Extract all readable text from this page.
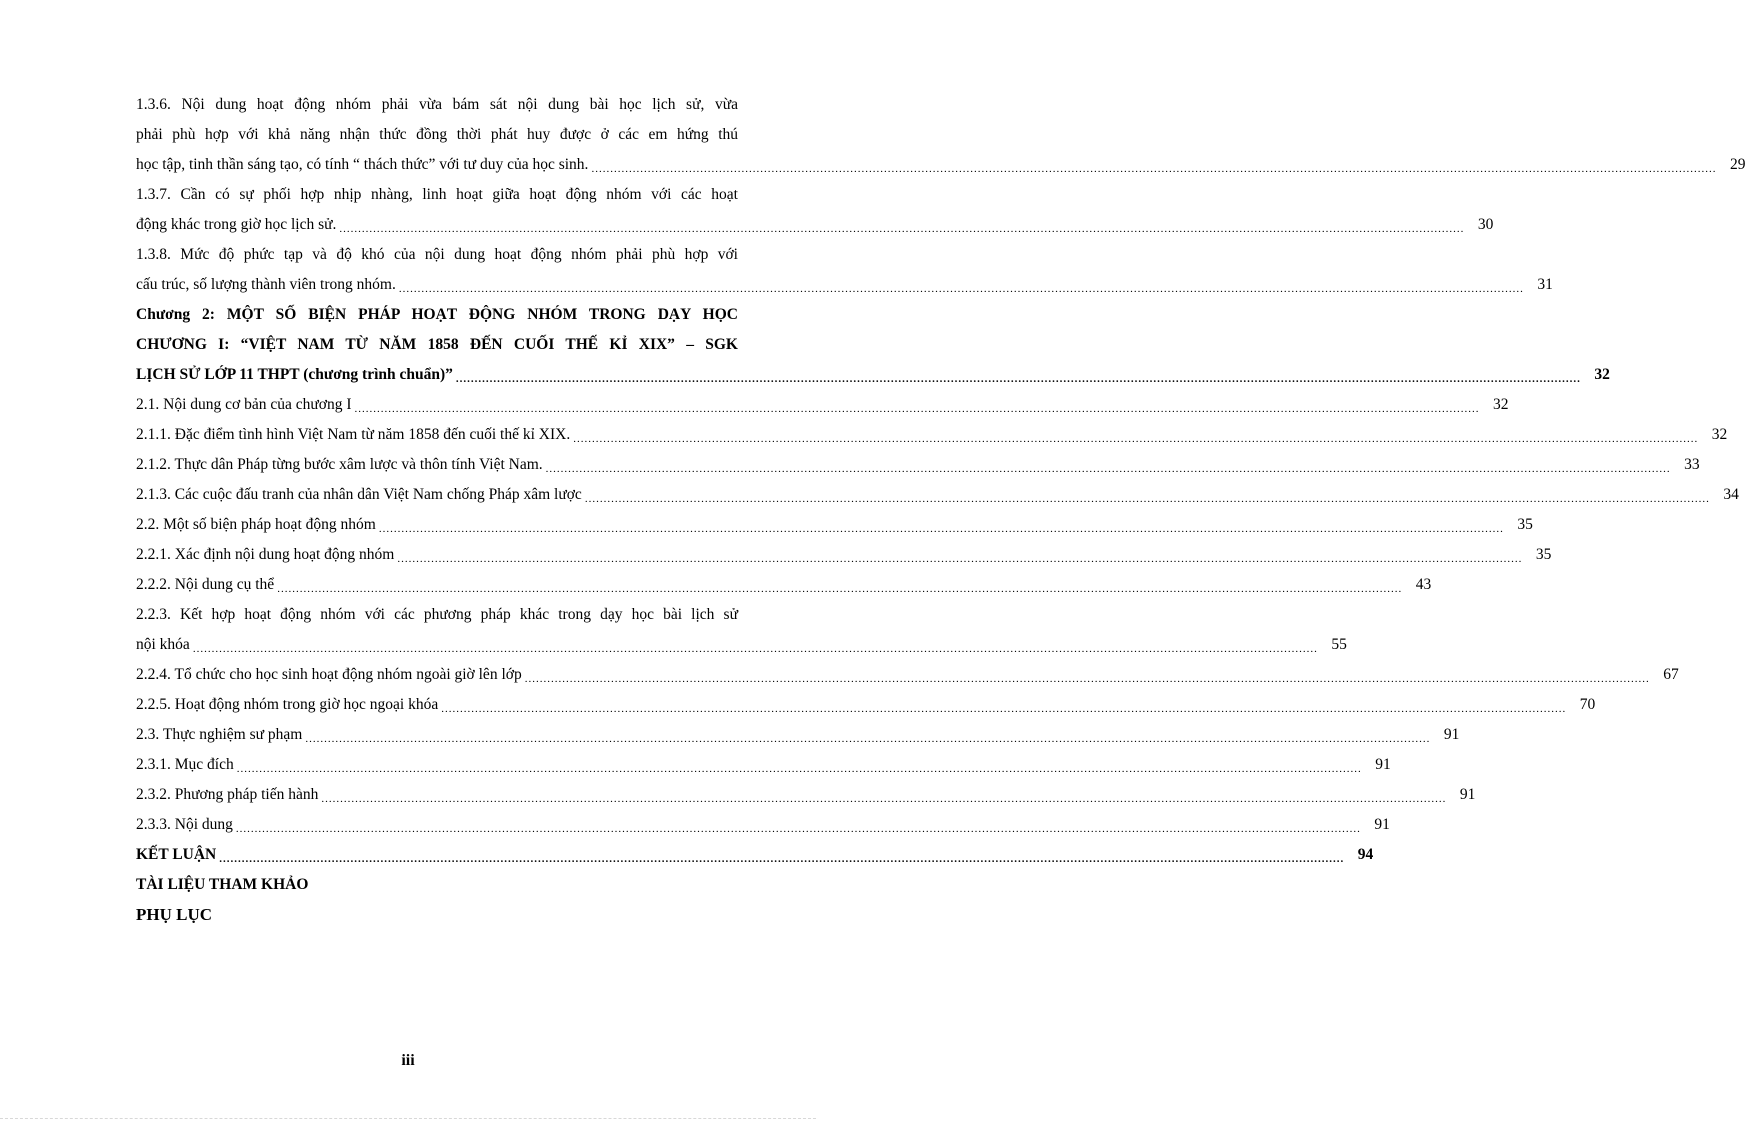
1.3.6. Nội dung hoạt động nhóm phải vừa bám sát nội dung bài học lịch sử, vừa
phải phù hợp với khả năng nhận thức đồng thời phát huy được ở các em hứng thú
học tập, tinh thần sáng tạo, có tính “ thách thức” với tư duy của học sinh. ............................................................................................................................................................................................................................................................................................................ 29
1.3.7. Cần có sự phối hợp nhịp nhàng, linh hoạt giữa hoạt động nhóm với các hoạt
động khác trong giờ học lịch sử. ............................................................................................................................................................................................................................................................................................................ 30
1.3.8. Mức độ phức tạp và độ khó của nội dung hoạt động nhóm phải phù hợp với
cấu trúc, số lượng thành viên trong nhóm. ............................................................................................................................................................................................................................................................................................................ 31
Chương 2: MỘT SỐ BIỆN PHÁP HOẠT ĐỘNG NHÓM TRONG DẠY HỌC
CHƯƠNG I: “VIỆT NAM TỪ NĂM 1858 ĐẾN CUỐI THẾ KỈ XIX” – SGK
LỊCH SỬ LỚP 11 THPT (chương trình chuẩn)” ............................................................................................................................................................................................................................................................................................................ 32
2.1. Nội dung cơ bản của chương I ............................................................................................................................................................................................................................................................................................................ 32
2.1.1. Đặc điểm tình hình Việt Nam từ năm 1858 đến cuối thế kỉ XIX. ............................................................................................................................................................................................................................................................................................................ 32
2.1.2. Thực dân Pháp từng bước xâm lược và thôn tính Việt Nam. ............................................................................................................................................................................................................................................................................................................ 33
2.1.3. Các cuộc đấu tranh của nhân dân Việt Nam chống Pháp xâm lược ............................................................................................................................................................................................................................................................................................................ 34
2.2. Một số biện pháp hoạt động nhóm ............................................................................................................................................................................................................................................................................................................ 35
2.2.1. Xác định nội dung hoạt động nhóm ............................................................................................................................................................................................................................................................................................................ 35
2.2.2. Nội dung cụ thể ............................................................................................................................................................................................................................................................................................................ 43
2.2.3. Kết hợp hoạt động nhóm với các phương pháp khác trong dạy học bài lịch sử
nội khóa ............................................................................................................................................................................................................................................................................................................ 55
2.2.4. Tổ chức cho học sinh hoạt động nhóm ngoài giờ lên lớp ............................................................................................................................................................................................................................................................................................................ 67
2.2.5. Hoạt động nhóm trong giờ học ngoại khóa ............................................................................................................................................................................................................................................................................................................ 70
2.3. Thực nghiệm sư phạm ............................................................................................................................................................................................................................................................................................................ 91
2.3.1. Mục đích ............................................................................................................................................................................................................................................................................................................ 91
2.3.2. Phương pháp tiến hành ............................................................................................................................................................................................................................................................................................................ 91
2.3.3. Nội dung ............................................................................................................................................................................................................................................................................................................ 91
KẾT LUẬN ............................................................................................................................................................................................................................................................................................................ 94
TÀI LIỆU THAM KHẢO
PHỤ LỤC
iii
